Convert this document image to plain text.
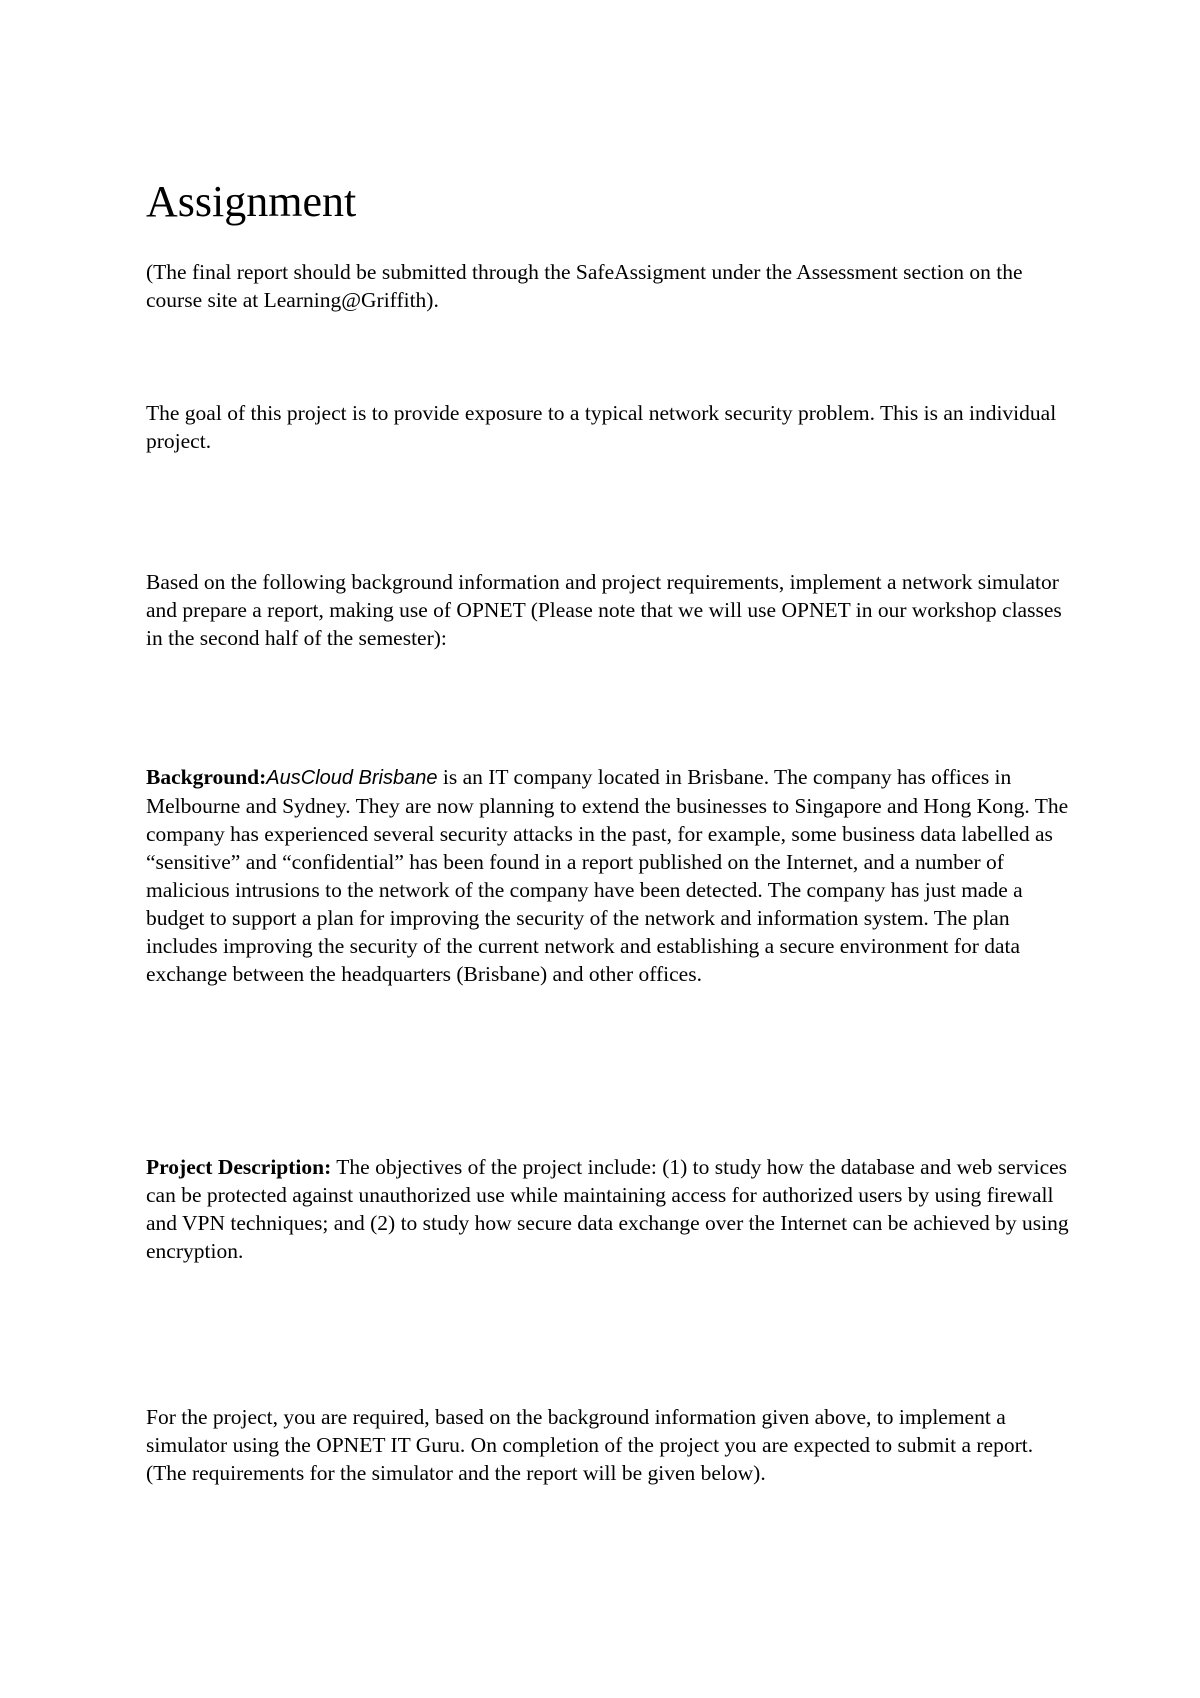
Assignment

(The final report should be submitted through the SafeAssigment under the Assessment section on the course site at Learning@Griffith).

The goal of this project is to provide exposure to a typical network security problem. This is an individual project.

Based on the following background information and project requirements, implement a network simulator and prepare a report, making use of OPNET (Please note that we will use OPNET in our workshop classes in the second half of the semester):

Background:AusCloud Brisbane is an IT company located in Brisbane. The company has offices in Melbourne and Sydney. They are now planning to extend the businesses to Singapore and Hong Kong. The company has experienced several security attacks in the past, for example, some business data labelled as “sensitive” and “confidential” has been found in a report published on the Internet, and a number of malicious intrusions to the network of the company have been detected. The company has just made a budget to support a plan for improving the security of the network and information system. The plan includes improving the security of the current network and establishing a secure environment for data exchange between the headquarters (Brisbane) and other offices.

Project Description: The objectives of the project include: (1) to study how the database and web services can be protected against unauthorized use while maintaining access for authorized users by using firewall and VPN techniques; and (2) to study how secure data exchange over the Internet can be achieved by using encryption.

For the project, you are required, based on the background information given above, to implement a simulator using the OPNET IT Guru. On completion of the project you are expected to submit a report. (The requirements for the simulator and the report will be given below).
